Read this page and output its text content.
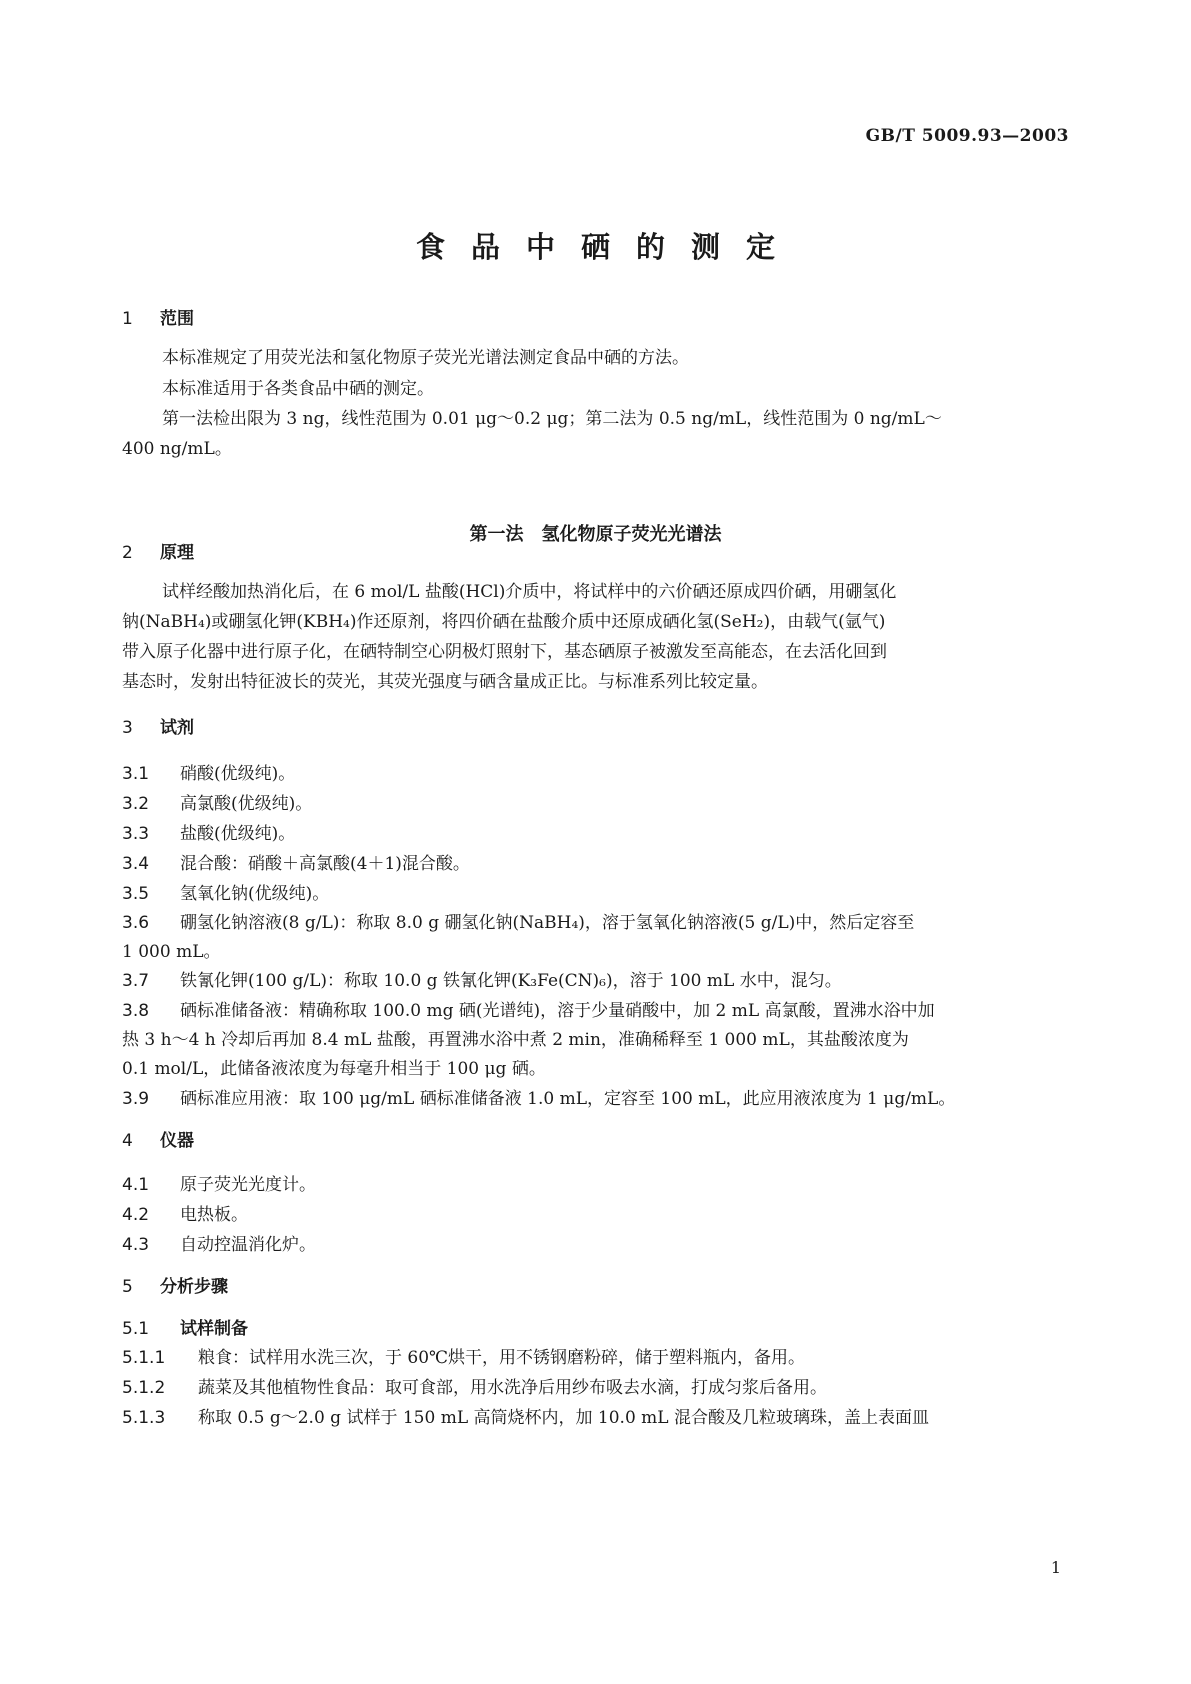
GB/T 5009.93—2003
食品中硒的测定
1 范围
本标准规定了用荧光法和氢化物原子荧光光谱法测定食品中硒的方法。
本标准适用于各类食品中硒的测定。
第一法检出限为 3 ng，线性范围为 0.01 μg～0.2 μg；第二法为 0.5 ng/mL，线性范围为 0 ng/mL～
400 ng/mL。
第一法　氢化物原子荧光光谱法
2 原理
试样经酸加热消化后，在 6 mol/L 盐酸(HCl)介质中，将试样中的六价硒还原成四价硒，用硼氢化
钠(NaBH₄)或硼氢化钾(KBH₄)作还原剂，将四价硒在盐酸介质中还原成硒化氢(SeH₂)，由载气(氩气)
带入原子化器中进行原子化，在硒特制空心阴极灯照射下，基态硒原子被激发至高能态，在去活化回到
基态时，发射出特征波长的荧光，其荧光强度与硒含量成正比。与标准系列比较定量。
3 试剂
3.1 硝酸(优级纯)。
3.2 高氯酸(优级纯)。
3.3 盐酸(优级纯)。
3.4 混合酸：硝酸＋高氯酸(4＋1)混合酸。
3.5 氢氧化钠(优级纯)。
3.6 硼氢化钠溶液(8 g/L)：称取 8.0 g 硼氢化钠(NaBH₄)，溶于氢氧化钠溶液(5 g/L)中，然后定容至
1 000 mL。
3.7 铁氰化钾(100 g/L)：称取 10.0 g 铁氰化钾(K₃Fe(CN)₆)，溶于 100 mL 水中，混匀。
3.8 硒标准储备液：精确称取 100.0 mg 硒(光谱纯)，溶于少量硝酸中，加 2 mL 高氯酸，置沸水浴中加
热 3 h～4 h 冷却后再加 8.4 mL 盐酸，再置沸水浴中煮 2 min，准确稀释至 1 000 mL，其盐酸浓度为
0.1 mol/L，此储备液浓度为每毫升相当于 100 μg 硒。
3.9 硒标准应用液：取 100 μg/mL 硒标准储备液 1.0 mL，定容至 100 mL，此应用液浓度为 1 μg/mL。
4 仪器
4.1 原子荧光光度计。
4.2 电热板。
4.3 自动控温消化炉。
5 分析步骤
5.1 试样制备
5.1.1 粮食：试样用水洗三次，于 60℃烘干，用不锈钢磨粉碎，储于塑料瓶内，备用。
5.1.2 蔬菜及其他植物性食品：取可食部，用水洗净后用纱布吸去水滴，打成匀浆后备用。
5.1.3 称取 0.5 g～2.0 g 试样于 150 mL 高筒烧杯内，加 10.0 mL 混合酸及几粒玻璃珠，盖上表面皿
1
